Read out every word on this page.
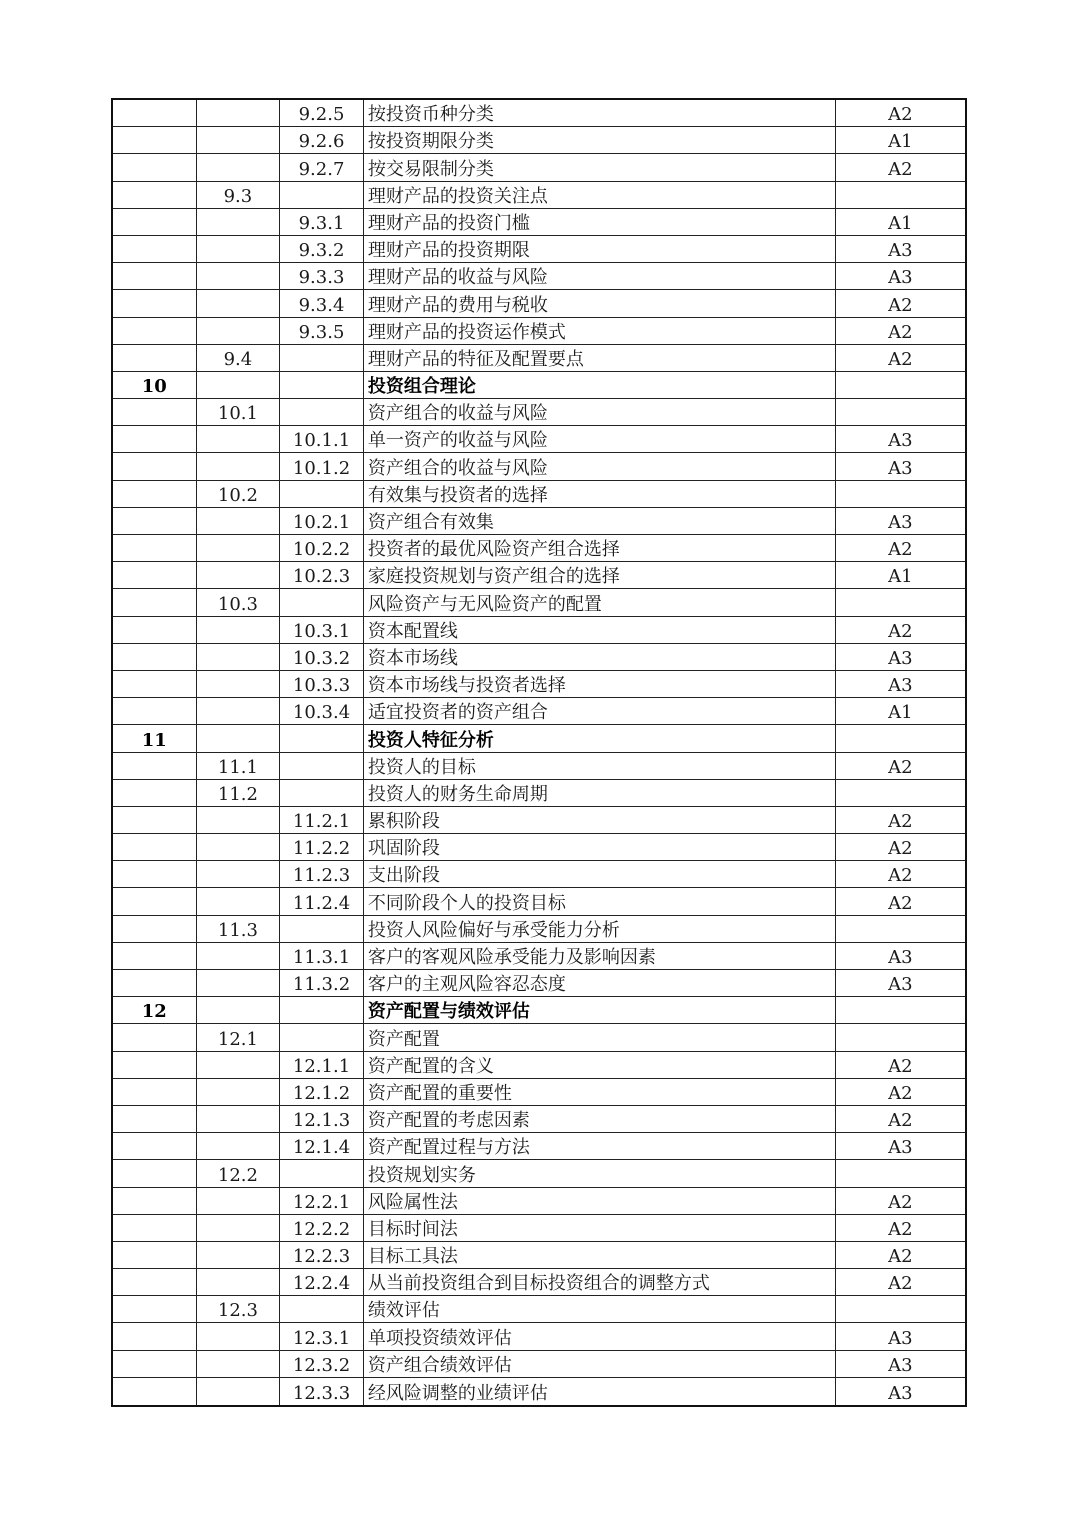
9.2.5	按投资币种分类	A2
9.2.6	按投资期限分类	A1
9.2.7	按交易限制分类	A2
9.3	理财产品的投资关注点
9.3.1	理财产品的投资门槛	A1
9.3.2	理财产品的投资期限	A3
9.3.3	理财产品的收益与风险	A3
9.3.4	理财产品的费用与税收	A2
9.3.5	理财产品的投资运作模式	A2
9.4	理财产品的特征及配置要点	A2
10	投资组合理论
10.1	资产组合的收益与风险
10.1.1 单一资产的收益与风险	A3
10.1.2 资产组合的收益与风险	A3
10.2	有效集与投资者的选择
10.2.1 资产组合有效集	A3
10.2.2 投资者的最优风险资产组合选择	A2
10.2.3 家庭投资规划与资产组合的选择	A1
10.3	风险资产与无风险资产的配置
10.3.1 资本配置线	A2
10.3.2 资本市场线	A3
10.3.3 资本市场线与投资者选择	A3
10.3.4 适宜投资者的资产组合	A1
11	投资人特征分析
11.1	投资人的目标	A2
11.2	投资人的财务生命周期
11.2.1 累积阶段	A2
11.2.2 巩固阶段	A2
11.2.3 支出阶段	A2
11.2.4 不同阶段个人的投资目标	A2
11.3	投资人风险偏好与承受能力分析
11.3.1 客户的客观风险承受能力及影响因素	A3
11.3.2 客户的主观风险容忍态度	A3
12	资产配置与绩效评估
12.1	资产配置
12.1.1 资产配置的含义	A2
12.1.2 资产配置的重要性	A2
12.1.3 资产配置的考虑因素	A2
12.1.4 资产配置过程与方法	A3
12.2	投资规划实务
12.2.1 风险属性法	A2
12.2.2 目标时间法	A2
12.2.3 目标工具法	A2
12.2.4 从当前投资组合到目标投资组合的调整方式	A2
12.3	绩效评估
12.3.1 单项投资绩效评估	A3
12.3.2 资产组合绩效评估	A3
12.3.3 经风险调整的业绩评估	A3
